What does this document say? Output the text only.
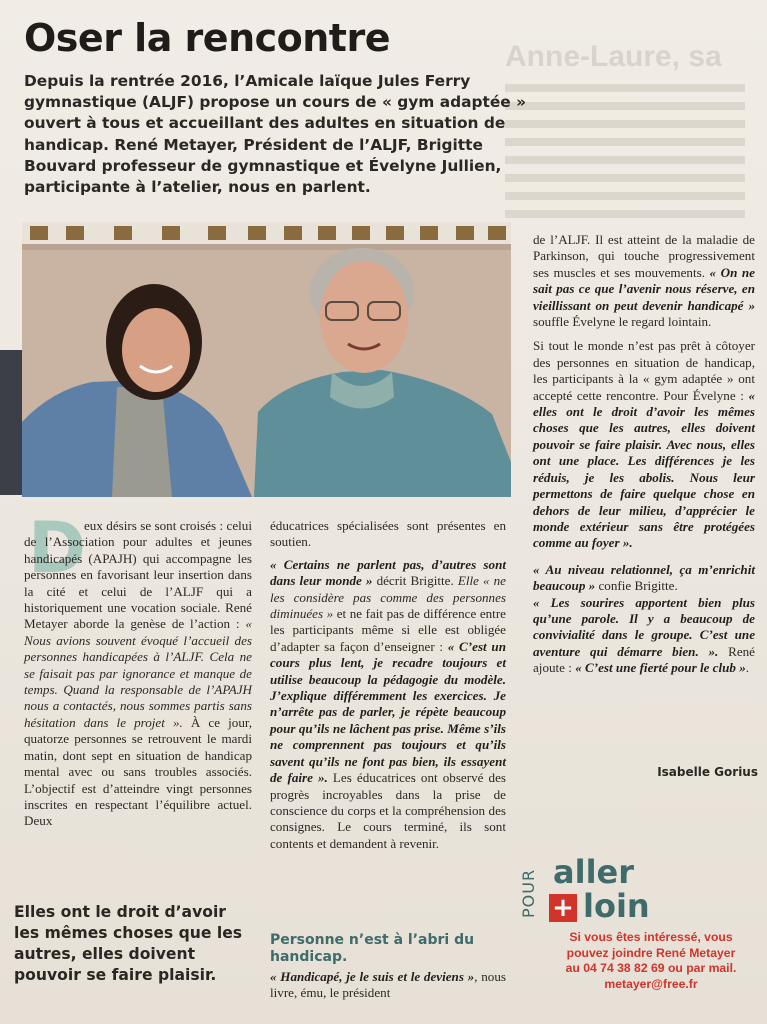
Anne-Laure, sa
Oser la rencontre

Depuis la rentrée 2016, l’Amicale laïque Jules Ferry gymnastique (ALJF) propose un cours de « gym adaptée » ouvert à tous et accueillant des adultes en situation de handicap. René Metayer, Président de l’ALJF, Brigitte Bouvard professeur de gymnastique et Évelyne Jullien, participante à l’atelier, nous en parlent.

de l’ALJF. Il est atteint de la maladie de Parkinson, qui touche progressivement ses muscles et ses mouvements. « On ne sait pas ce que l’avenir nous réserve, en vieillissant on peut devenir handicapé » souffle Évelyne le regard lointain.

Si tout le monde n’est pas prêt à côtoyer des personnes en situation de handicap, les participants à la « gym adaptée » ont accepté cette rencontre. Pour Évelyne : « elles ont le droit d’avoir les mêmes choses que les autres, elles doivent pouvoir se faire plaisir. Avec nous, elles ont une place. Les différences je les réduis, je les abolis. Nous leur permettons de faire quelque chose en dehors de leur milieu, d’apprécier le monde extérieur sans être protégées comme au foyer ».

« Au niveau relationnel, ça m’enrichit beaucoup » confie Brigitte.
« Les sourires apportent bien plus qu’une parole. Il y a beaucoup de convivialité dans le groupe. C’est une aventure qui démarre bien. ». René ajoute : « C’est une fierté pour le club ».

Isabelle Gorius
D

eux désirs se sont croisés : celui de l’Association pour adultes et jeunes handicapés (APAJH) qui accompagne les personnes en favorisant leur insertion dans la cité et celui de l’ALJF qui a historiquement une vocation sociale. René Metayer aborde la genèse de l’action : « Nous avions souvent évoqué l’accueil des personnes handicapées à l’ALJF. Cela ne se faisait pas par ignorance et manque de temps. Quand la responsable de l’APAJH nous a contactés, nous sommes partis sans hésitation dans le projet ». À ce jour, quatorze personnes se retrouvent le mardi matin, dont sept en situation de handicap mental avec ou sans troubles associés. L’objectif est d’atteindre vingt personnes inscrites en respectant l’équilibre actuel. Deux

éducatrices spécialisées sont présentes en soutien.

« Certains ne parlent pas, d’autres sont dans leur monde » décrit Brigitte. Elle « ne les considère pas comme des personnes diminuées » et ne fait pas de différence entre les participants même si elle est obligée d’adapter sa façon d’enseigner : « C’est un cours plus lent, je recadre toujours et utilise beaucoup la pédagogie du modèle. J’explique différemment les exercices. Je n’arrête pas de parler, je répète beaucoup pour qu’ils ne lâchent pas prise. Même s’ils ne comprennent pas toujours et qu’ils savent qu’ils ne font pas bien, ils essayent de faire ». Les éducatrices ont observé des progrès incroyables dans la prise de conscience du corps et la compréhension des consignes. Le cours terminé, ils sont contents et demandent à revenir.

Elles ont le droit d’avoir les mêmes choses que les autres, elles doivent pouvoir se faire plaisir.
Personne n’est à l’abri du handicap.

« Handicapé, je le suis et le deviens », nous livre, ému, le président

POUR aller
+ loin
Si vous êtes intéressé, vous
pouvez joindre René Metayer
au 04 74 38 82 69 ou par mail.
metayer@free.fr
